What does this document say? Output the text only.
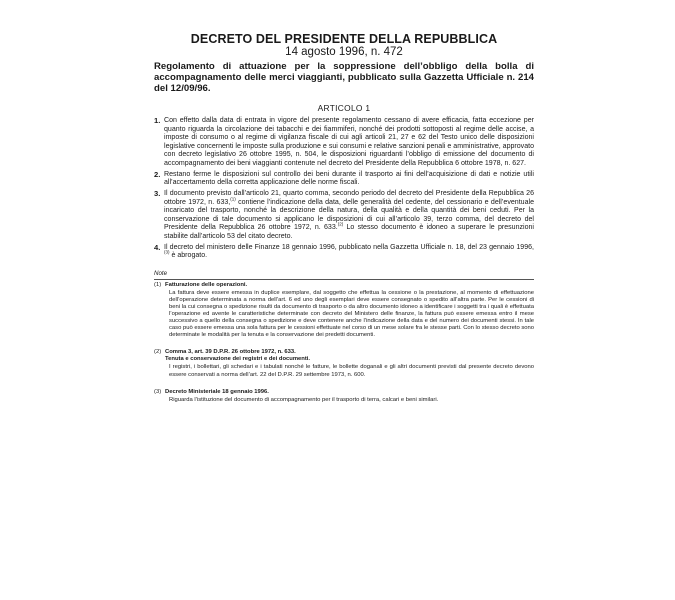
DECRETO DEL PRESIDENTE DELLA REPUBBLICA
14 agosto 1996, n. 472
Regolamento di attuazione per la soppressione dell’obbligo della bolla di accompagnamento delle merci viaggianti, pubblicato sulla Gazzetta Ufficiale n. 214 del 12/09/96.
ARTICOLO 1
1. Con effetto dalla data di entrata in vigore del presente regolamento cessano di avere efficacia, fatta eccezione per quanto riguarda la circolazione dei tabacchi e dei fiammiferi, nonché dei prodotti sottoposti al regime delle accise, a imposte di consumo o al regime di vigilanza fiscale di cui agli articoli 21, 27 e 62 del Testo unico delle disposizioni legislative concernenti le imposte sulla produzione e sui consumi e relative sanzioni penali e amministrative, approvato con decreto legislativo 26 ottobre 1995, n. 504, le disposizioni riguardanti l’obbligo di emissione del documento di accompagnamento dei beni viaggianti contenute nel decreto del Presidente della Repubblica 6 ottobre 1978, n. 627.
2. Restano ferme le disposizioni sul controllo dei beni durante il trasporto ai fini dell’acquisizione di dati e notizie utili all’accertamento della corretta applicazione delle norme fiscali.
3. Il documento previsto dall’articolo 21, quarto comma, secondo periodo del decreto del Presidente della Repubblica 26 ottobre 1972, n. 633,$^{(1)}$ contiene l’indicazione della data, delle generalità del cedente, del cessionario e dell’eventuale incaricato del trasporto, nonché la descrizione della natura, della qualità e della quantità dei beni ceduti. Per la conservazione di tale documento si applicano le disposizioni di cui all’articolo 39, terzo comma, del decreto del Presidente della Repubblica 26 ottobre 1972, n. 633.$^{(2)}$ Lo stesso documento è idoneo a superare le presunzioni stabilite dall’articolo 53 del citato decreto.
4. Il decreto del ministero delle Finanze 18 gennaio 1996, pubblicato nella Gazzetta Ufficiale n. 18, del 23 gennaio 1996,$^{(3)}$ è abrogato.
Note
(1) Fatturazione delle operazioni.
La fattura deve essere emessa in duplice esemplare, dal soggetto che effettua la cessione o la prestazione, al momento di effettuazione dell’operazione determinata a norma dell’art. 6 ed uno degli esemplari deve essere consegnato o spedito all’altra parte. Per le cessioni di beni la cui consegna o spedizione risulti da documento di trasporto o da altro documento idoneo a identificare i soggetti tra i quali è effettuata l’operazione ed avente le caratteristiche determinate con decreto del Ministero delle finanze, la fattura può essere emessa entro il mese successivo a quello della consegna o spedizione e deve contenere anche l’indicazione della data e del numero dei documenti stessi. In tale caso può essere emessa una sola fattura per le cessioni effettuate nel corso di un mese solare fra le stesse parti. Con lo stesso decreto sono determinate le modalità per la tenuta e la conservazione dei predetti documenti.
(2) Comma 3, art. 39 D.P.R. 26 ottobre 1972, n. 633.
Tenuta e conservazione dei registri e dei documenti.
I registri, i bollettari, gli schedari e i tabulati nonché le fatture, le bollette doganali e gli altri documenti previsti dal presente decreto devono essere conservati a norma dell’art. 22 del D.P.R. 29 settembre 1973, n. 600.
(3) Decreto Ministeriale 18 gennaio 1996.
Riguarda l’istituzione del documento di accompagnamento per il trasporto di terra, calcari e beni similari.
